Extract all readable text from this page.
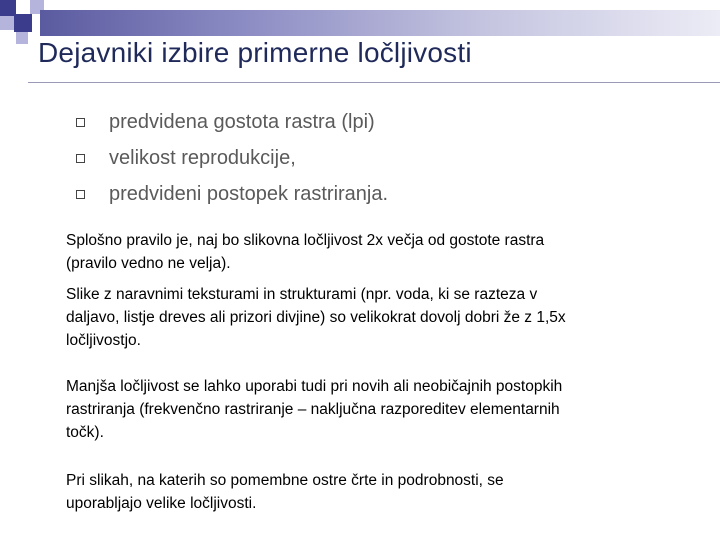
Dejavniki izbire primerne ločljivosti
predvidena gostota rastra (lpi)
velikost reprodukcije,
predvideni postopek rastriranja.

Splošno pravilo je, naj bo slikovna ločljivost 2x večja od gostote rastra
(pravilo vedno ne velja).

Slike z naravnimi teksturami in strukturami (npr. voda, ki se razteza v
daljavo, listje dreves ali prizori divjine) so velikokrat dovolj dobri že z 1,5x
ločljivostjo.

Manjša ločljivost se lahko uporabi tudi pri novih ali neobičajnih postopkih
rastriranja (frekvenčno rastriranje – naključna razporeditev elementarnih
točk).

Pri slikah, na katerih so pomembne ostre črte in podrobnosti, se
uporabljajo velike ločljivosti.
